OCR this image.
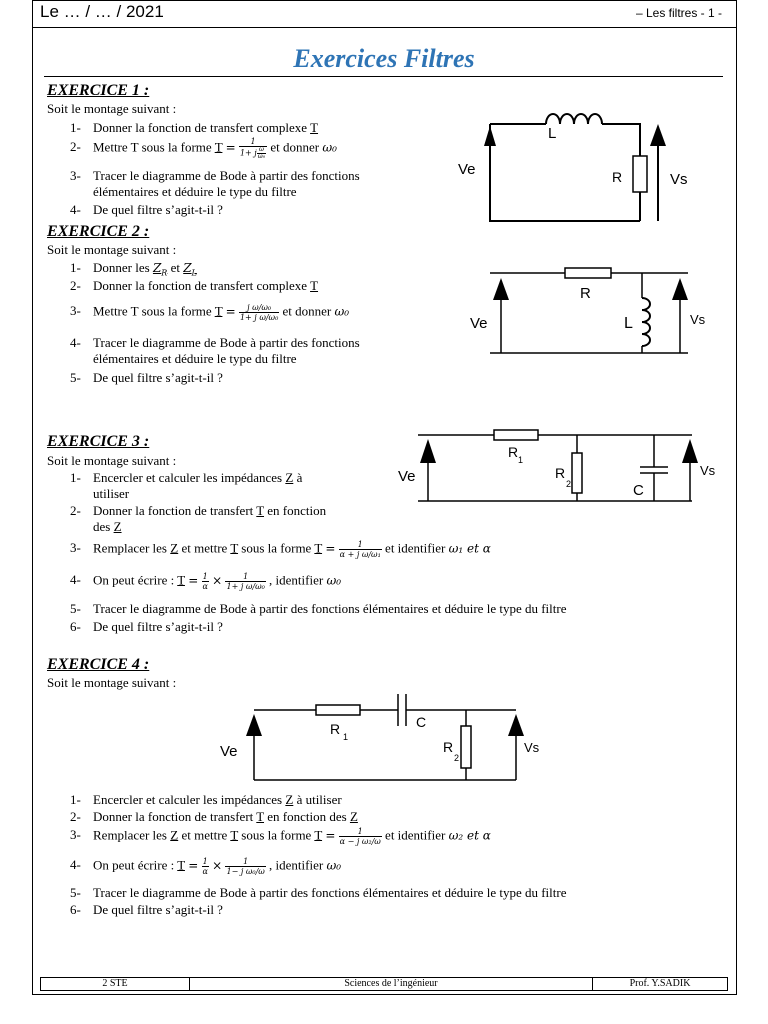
Le … / … / 2021	– Les filtres - 1 -
Exercices Filtres
EXERCICE 1 :
Soit le montage suivant :
1- Donner la fonction de transfert complexe T
2- Mettre T sous la forme $T = \frac{1}{1+ j \frac{\omega}{\text{ω₀}}}$ et donner ω₀
3- Tracer le diagramme de Bode à partir des fonctions
élémentaires et déduire le type du filtre
4- De quel filtre s’agit-t-il ?
Ve
L
R	Vs
EXERCICE 2 :
Soit le montage suivant :
1- Donner les $Z_R$ et $Z_L$
2- Donner la fonction de transfert complexe T
3- Mettre T sous la forme $T = \frac{\text{j ω/ω₀}}{\text{1+ j ω/ω₀}}$ et donner ω₀
4- Tracer le diagramme de Bode à partir des fonctions
élémentaires et déduire le type du filtre
5- De quel filtre s’agit-t-il ?
Ve
R
L	Vs
EXERCICE 3 :
Soit le montage suivant :
1- Encercler et calculer les impédances Z à
utiliser
2- Donner la fonction de transfert T en fonction
des Z
3- Remplacer les Z et mettre T sous la forme $T = \frac{1}{\text{α + j ω/ω₁}}$ et identifier ω₁ et α
4- On peut écrire : $T = \frac{1}{\alpha} \times \frac{1}{\text{1+ j ω/ω₀}}$ , identifier ω₀
Tracer le diagramme de Bode à partir des fonctions élémentaires et déduire le type du filtre
De quel filtre s’agit-t-il ?
5-
6-
Ve
R 1
R
2	C
Vs
EXERCICE 4 :
Soit le montage suivant :
Ve
R 1
C
R
2
Vs
1- Encercler et calculer les impédances Z à utiliser
2- Donner la fonction de transfert T en fonction des Z
3- Remplacer les Z et mettre T sous la forme $T = \frac{1}{\text{α − j ω₂/ω}}$ et identifier ω₂ et α
4- On peut écrire : $T = \frac{1}{\alpha} \times \frac{1}{\text{1− j ω₀/ω}}$ , identifier ω₀
5- Tracer le diagramme de Bode à partir des fonctions élémentaires et déduire le type du filtre
6- De quel filtre s’agit-t-il ?
2 STE	Sciences de l’ingénieur	Prof. Y.SADIK
